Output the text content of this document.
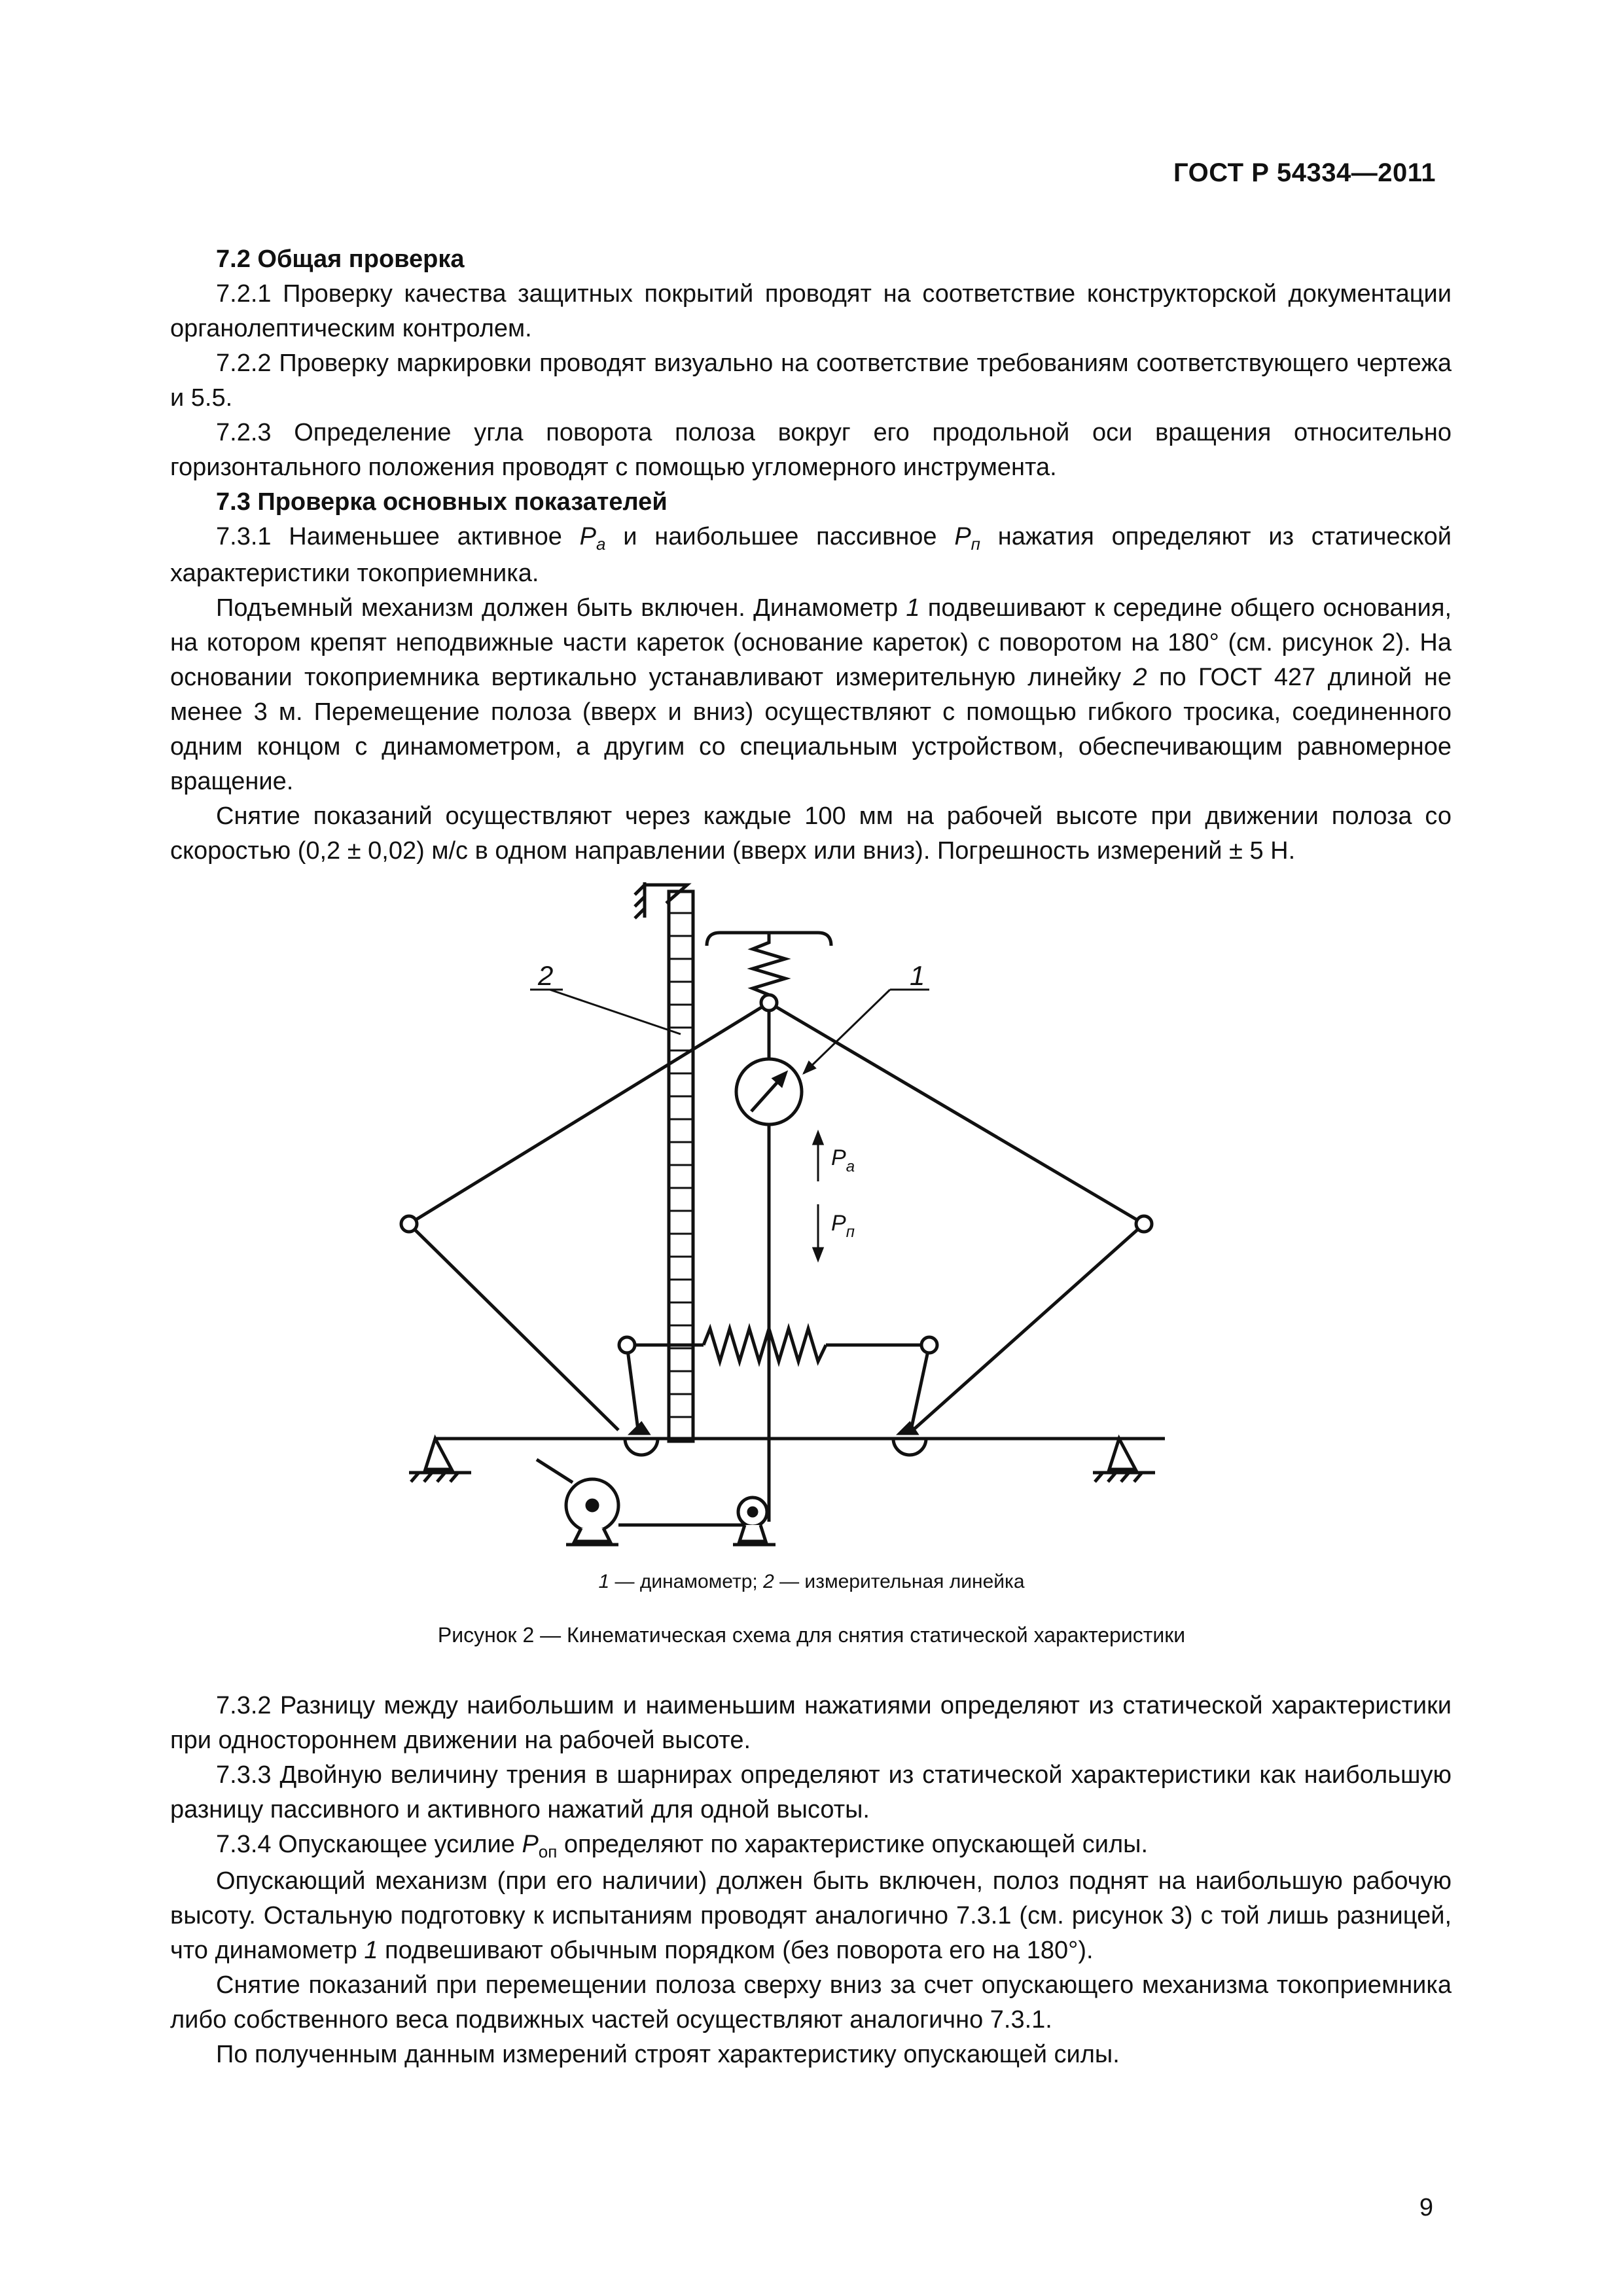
ГОСТ Р 54334—2011
7.2 Общая проверка

7.2.1 Проверку качества защитных покрытий проводят на соответствие конструкторской документации органолептическим контролем.

7.2.2 Проверку маркировки проводят визуально на соответствие требованиям соответствующего чертежа и 5.5.

7.2.3 Определение угла поворота полоза вокруг его продольной оси вращения относительно горизонтального положения проводят с помощью угломерного инструмента.

7.3 Проверка основных показателей

7.3.1 Наименьшее активное $P_а$ и наибольшее пассивное $P_п$ нажатия определяют из статической характеристики токоприемника.

Подъемный механизм должен быть включен. Динамометр 1 подвешивают к середине общего основания, на котором крепят неподвижные части кареток (основание кареток) с поворотом на 180° (см. рисунок 2). На основании токоприемника вертикально устанавливают измерительную линейку 2 по ГОСТ 427 длиной не менее 3 м. Перемещение полоза (вверх и вниз) осуществляют с помощью гибкого тросика, соединенного одним концом с динамометром, а другим со специальным устройством, обеспечивающим равномерное вращение.

Снятие показаний осуществляют через каждые 100 мм на рабочей высоте при движении полоза со скоростью (0,2 ± 0,02) м/с в одном направлении (вверх или вниз). Погрешность измерений ± 5 Н.

$P_а$
$P_п$
2	1
1 — динамометр; 2 — измерительная линейка
Рисунок 2 — Кинематическая схема для снятия статической характеристики

7.3.2 Разницу между наибольшим и наименьшим нажатиями определяют из статической характеристики при одностороннем движении на рабочей высоте.

7.3.3 Двойную величину трения в шарнирах определяют из статической характеристики как наибольшую разницу пассивного и активного нажатий для одной высоты.

7.3.4 Опускающее усилие $P_{оп}$ определяют по характеристике опускающей силы.

Опускающий механизм (при его наличии) должен быть включен, полоз поднят на наибольшую рабочую высоту. Остальную подготовку к испытаниям проводят аналогично 7.3.1 (см. рисунок 3) с той лишь разницей, что динамометр 1 подвешивают обычным порядком (без поворота его на 180°).

Снятие показаний при перемещении полоза сверху вниз за счет опускающего механизма токоприемника либо собственного веса подвижных частей осуществляют аналогично 7.3.1.

По полученным данным измерений строят характеристику опускающей силы.

9
